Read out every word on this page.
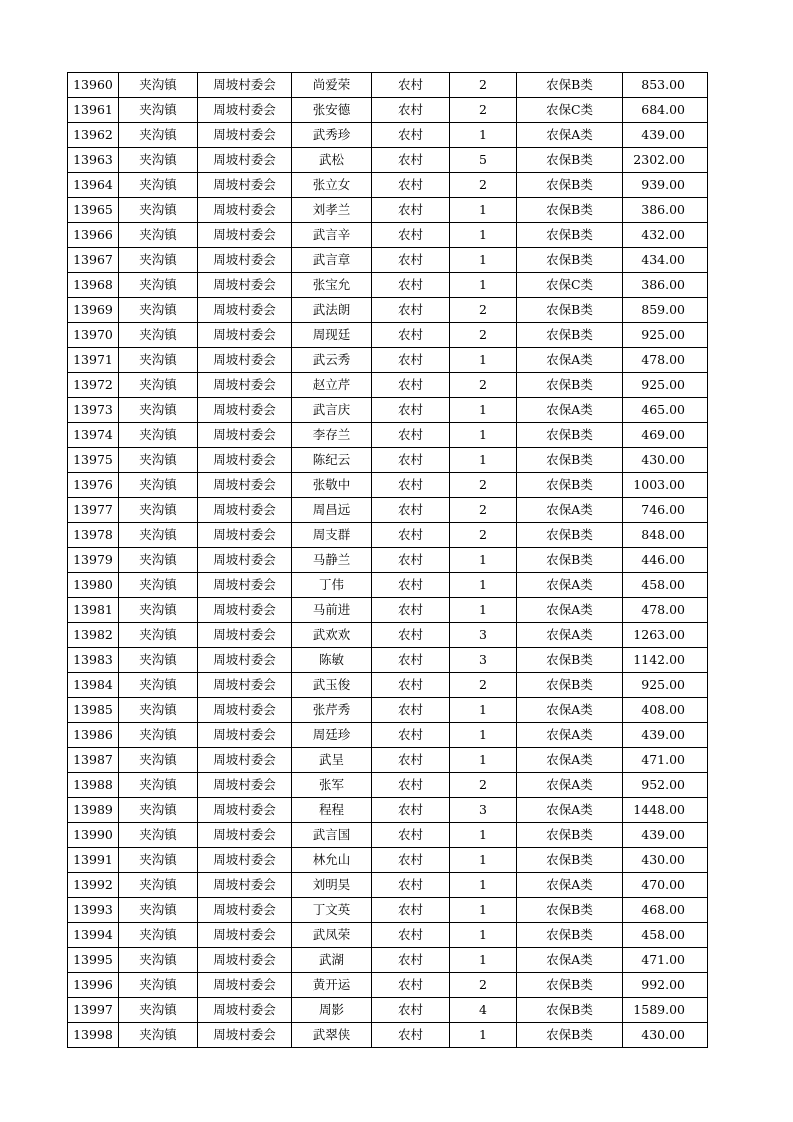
13960	夹沟镇	周坡村委会	尚爱荣	农村	2	农保B类	853.00
13961	夹沟镇	周坡村委会	张安德	农村	2	农保C类	684.00
13962	夹沟镇	周坡村委会	武秀珍	农村	1	农保A类	439.00
13963	夹沟镇	周坡村委会	武松	农村	5	农保B类	2302.00
13964	夹沟镇	周坡村委会	张立女	农村	2	农保B类	939.00
13965	夹沟镇	周坡村委会	刘孝兰	农村	1	农保B类	386.00
13966	夹沟镇	周坡村委会	武言辛	农村	1	农保B类	432.00
13967	夹沟镇	周坡村委会	武言章	农村	1	农保B类	434.00
13968	夹沟镇	周坡村委会	张宝允	农村	1	农保C类	386.00
13969	夹沟镇	周坡村委会	武法朗	农村	2	农保B类	859.00
13970	夹沟镇	周坡村委会	周现廷	农村	2	农保B类	925.00
13971	夹沟镇	周坡村委会	武云秀	农村	1	农保A类	478.00
13972	夹沟镇	周坡村委会	赵立芹	农村	2	农保B类	925.00
13973	夹沟镇	周坡村委会	武言庆	农村	1	农保A类	465.00
13974	夹沟镇	周坡村委会	李存兰	农村	1	农保B类	469.00
13975	夹沟镇	周坡村委会	陈纪云	农村	1	农保B类	430.00
13976	夹沟镇	周坡村委会	张敬中	农村	2	农保B类	1003.00
13977	夹沟镇	周坡村委会	周昌远	农村	2	农保A类	746.00
13978	夹沟镇	周坡村委会	周支群	农村	2	农保B类	848.00
13979	夹沟镇	周坡村委会	马静兰	农村	1	农保B类	446.00
13980	夹沟镇	周坡村委会	丁伟	农村	1	农保A类	458.00
13981	夹沟镇	周坡村委会	马前进	农村	1	农保A类	478.00
13982	夹沟镇	周坡村委会	武欢欢	农村	3	农保A类	1263.00
13983	夹沟镇	周坡村委会	陈敏	农村	3	农保B类	1142.00
13984	夹沟镇	周坡村委会	武玉俊	农村	2	农保B类	925.00
13985	夹沟镇	周坡村委会	张芹秀	农村	1	农保A类	408.00
13986	夹沟镇	周坡村委会	周廷珍	农村	1	农保A类	439.00
13987	夹沟镇	周坡村委会	武呈	农村	1	农保A类	471.00
13988	夹沟镇	周坡村委会	张军	农村	2	农保A类	952.00
13989	夹沟镇	周坡村委会	程程	农村	3	农保A类	1448.00
13990	夹沟镇	周坡村委会	武言国	农村	1	农保B类	439.00
13991	夹沟镇	周坡村委会	林允山	农村	1	农保B类	430.00
13992	夹沟镇	周坡村委会	刘明昊	农村	1	农保A类	470.00
13993	夹沟镇	周坡村委会	丁文英	农村	1	农保B类	468.00
13994	夹沟镇	周坡村委会	武凤荣	农村	1	农保B类	458.00
13995	夹沟镇	周坡村委会	武湖	农村	1	农保A类	471.00
13996	夹沟镇	周坡村委会	黄开运	农村	2	农保B类	992.00
13997	夹沟镇	周坡村委会	周影	农村	4	农保B类	1589.00
13998	夹沟镇	周坡村委会	武翠侠	农村	1	农保B类	430.00
